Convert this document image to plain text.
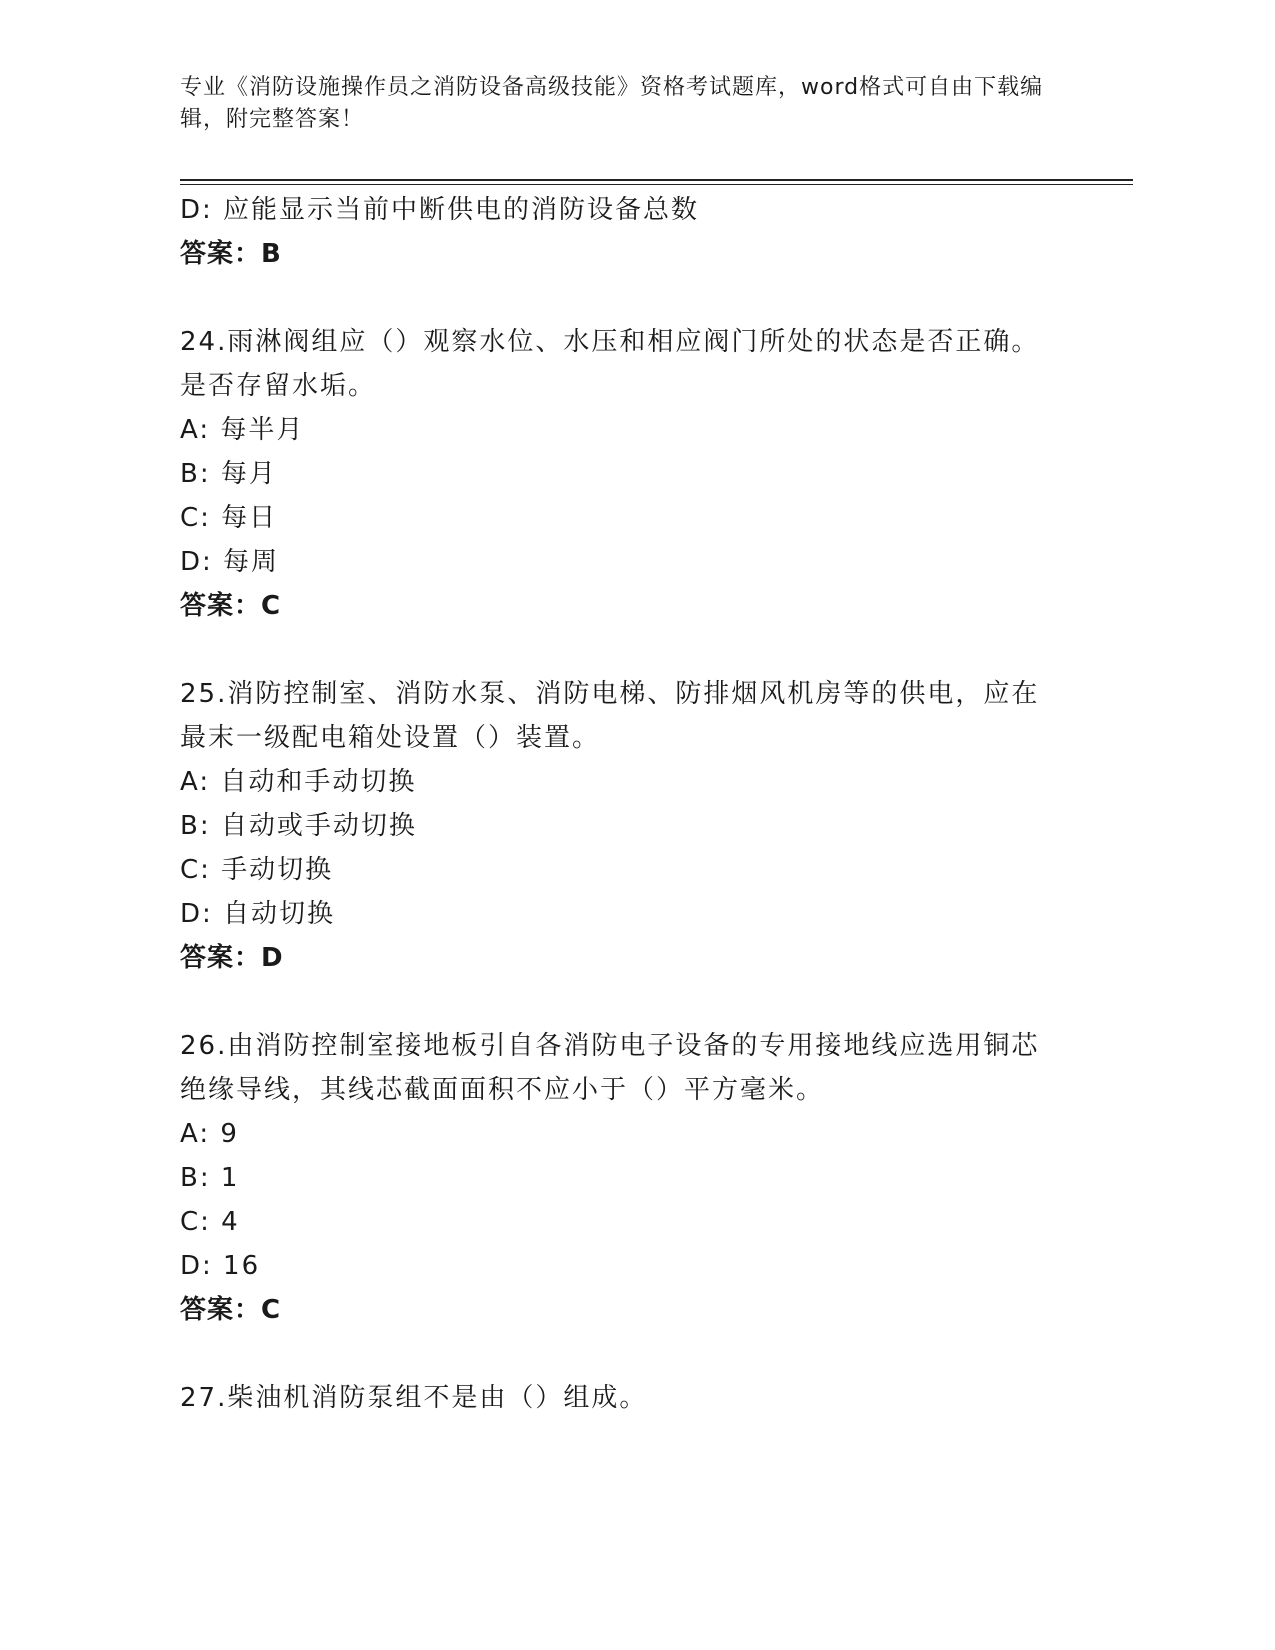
专业《消防设施操作员之消防设备高级技能》资格考试题库，word格式可自由下载编辑，附完整答案！
D: 应能显示当前中断供电的消防设备总数
答案：B
24.雨淋阀组应（）观察水位、水压和相应阀门所处的状态是否正确。
是否存留水垢。
A: 每半月
B: 每月
C: 每日
D: 每周
答案：C
25.消防控制室、消防水泵、消防电梯、防排烟风机房等的供电，应在
最末一级配电箱处设置（）装置。
A: 自动和手动切换
B: 自动或手动切换
C: 手动切换
D: 自动切换
答案：D
26.由消防控制室接地板引自各消防电子设备的专用接地线应选用铜芯
绝缘导线，其线芯截面面积不应小于（）平方毫米。
A: 9
B: 1
C: 4
D: 16
答案：C
27.柴油机消防泵组不是由（）组成。
